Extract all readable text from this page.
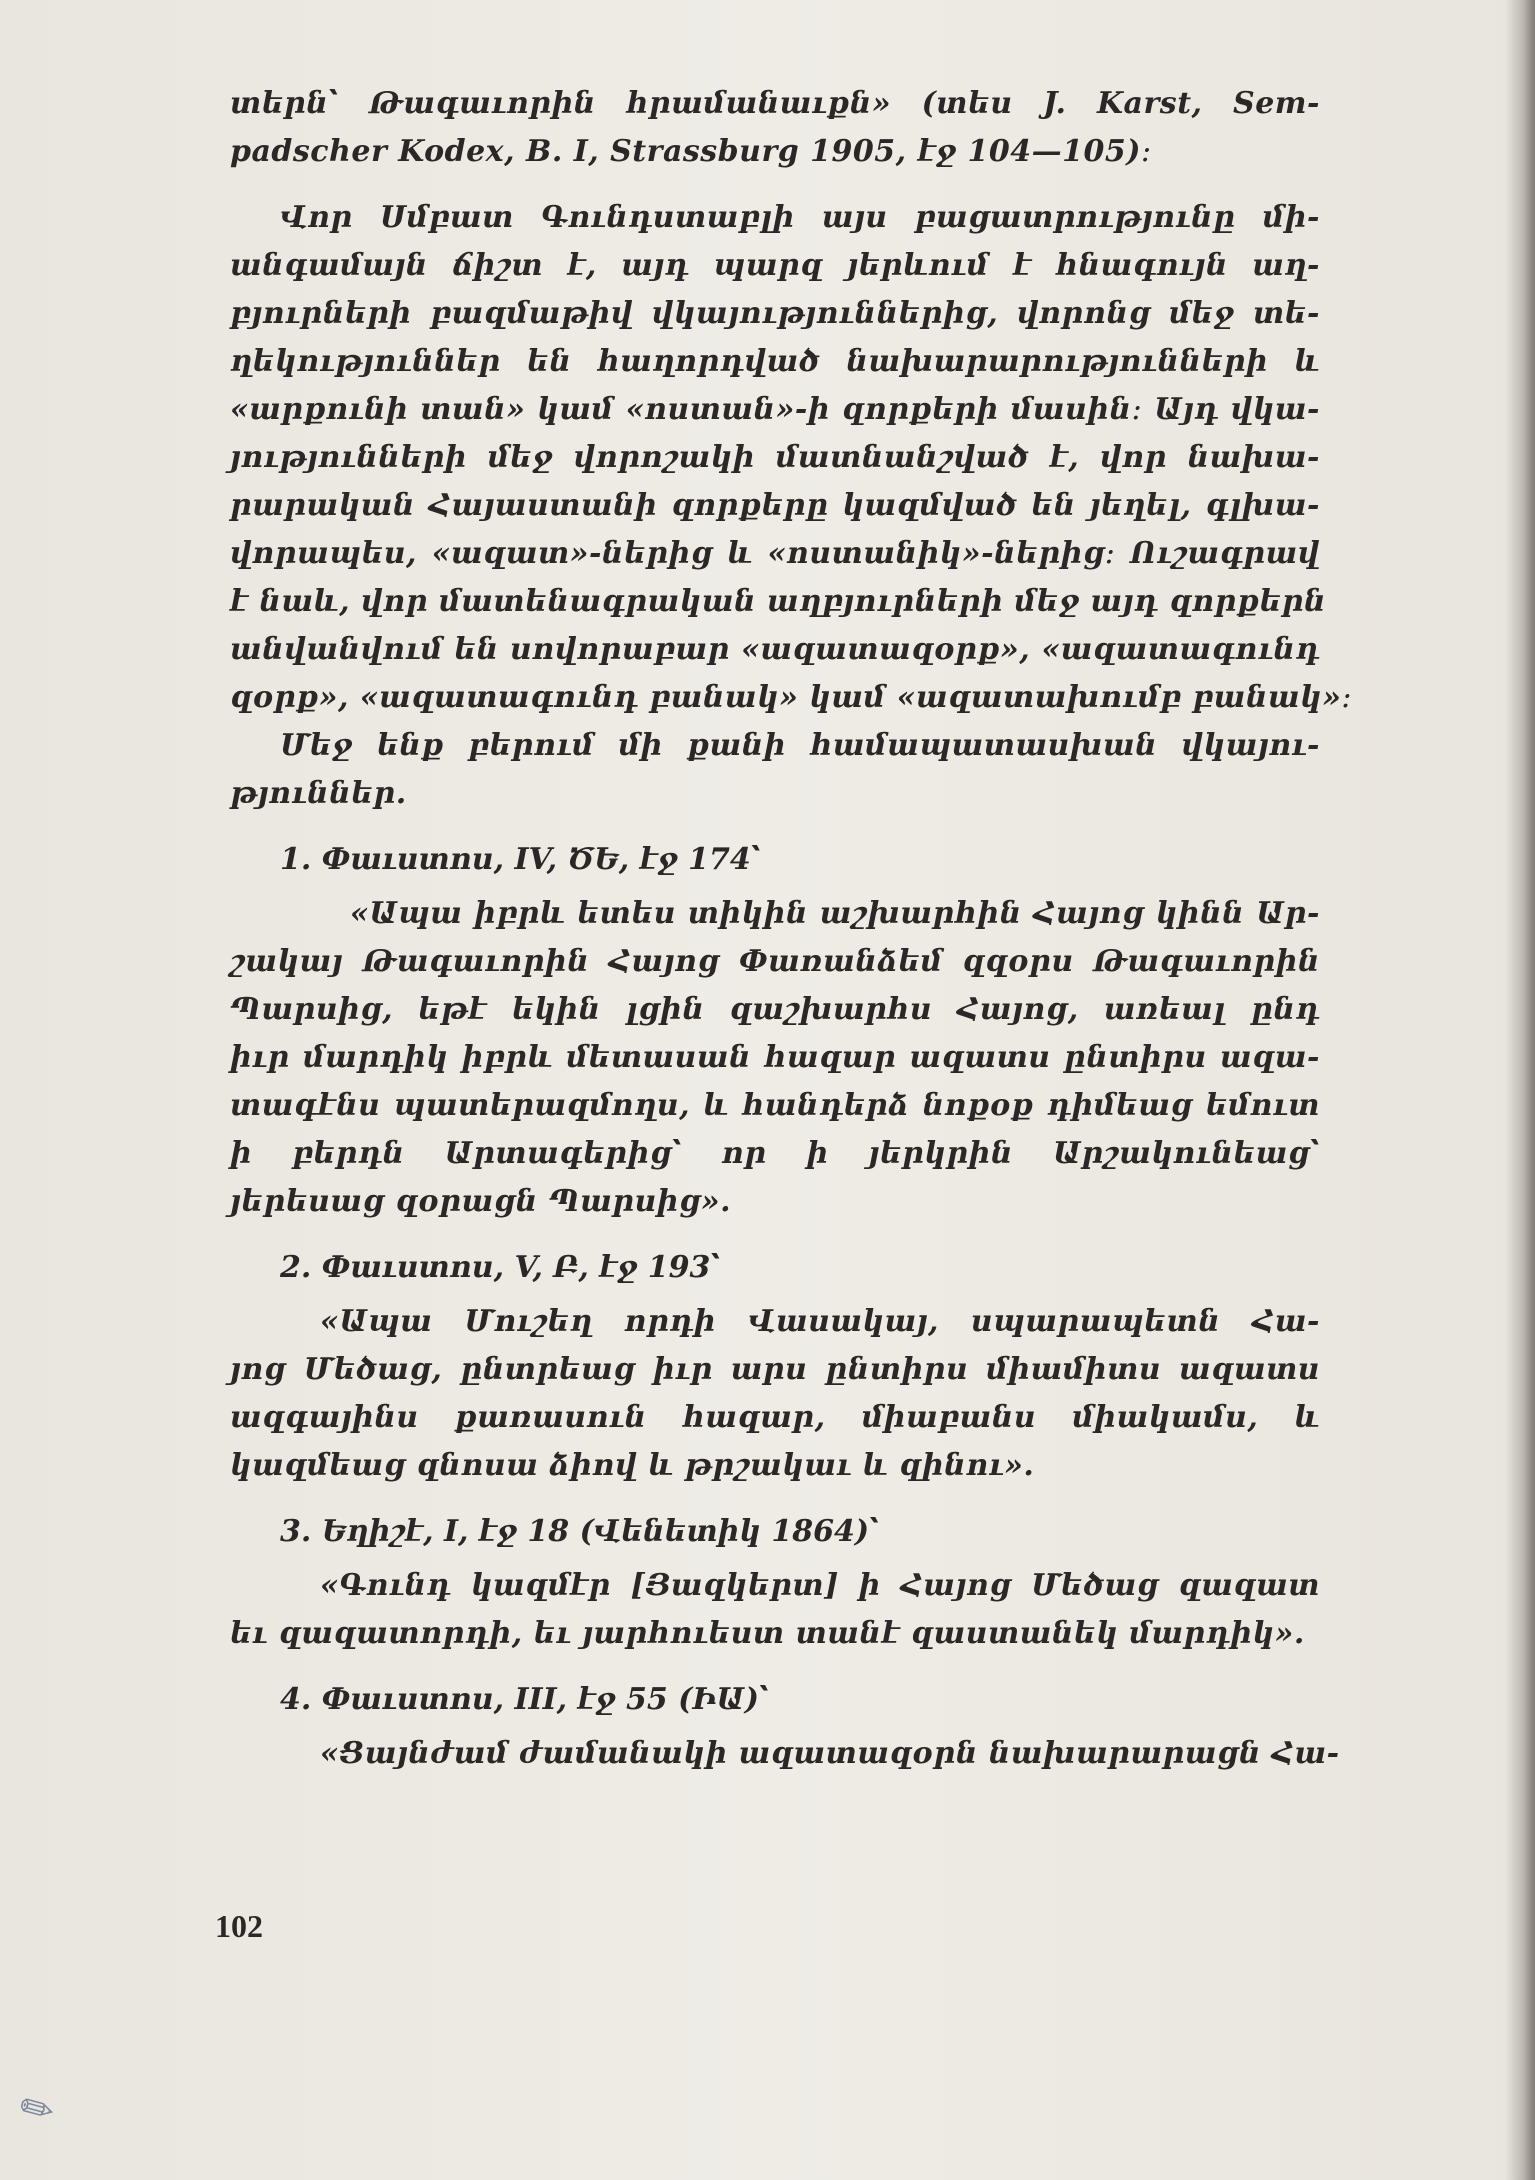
տերն՝ Թագաւորին հրամանաւքն» (տես J. Karst, Sem-
padscher Kodex, B. I, Strassburg 1905, էջ 104—105)։
Վոր Սմբատ Գունդստաբլի այս բացատրությունը մի-
անգամայն ճիշտ է, այդ պարզ յերևում է հնագույն աղ-
բյուրների բազմաթիվ վկայություններից, վորոնց մեջ տե-
ղեկություններ են հաղորդված նախարարությունների և
«արքունի տան» կամ «ոստան»-ի զորքերի մասին։ Այդ վկա-
յությունների մեջ վորոշակի մատնանշված է, վոր նախա-
րարական Հայաստանի զորքերը կազմված են յեղել, գլխա-
վորապես, «ազատ»-ներից և «ոստանիկ»-ներից։ Ուշագրավ
է նաև, վոր մատենագրական աղբյուրների մեջ այդ զորքերն
անվանվում են սովորաբար «ազատազօրք», «ազատագունդ
զօրք», «ազատագունդ բանակ» կամ «ազատախումբ բանակ»։
Մեջ ենք բերում մի քանի համապատասխան վկայու-
թյուններ․
1. Փաւստոս, IV, ԾԵ, էջ 174՝
«Ապա իբրև ետես տիկին աշխարհին Հայոց կինն Ար-
շակայ Թագաւորին Հայոց Փառանձեմ զզօրս Թագաւորին
Պարսից, եթէ եկին լցին զաշխարհս Հայոց, առեալ ընդ
իւր մարդիկ իբրև մետասան հազար ազատս ընտիրս ազա-
տագէնս պատերազմողս, և հանդերձ նոքօք դիմեաց եմուտ
ի բերդն Արտագերից՝ որ ի յերկրին Արշակունեաց՝
յերեսաց զօրացն Պարսից».
2. Փաւստոս, V, Բ, էջ 193՝
«Ապա Մուշեղ որդի Վասակայ, սպարապետն Հա-
յոց Մեծաց, ընտրեաց իւր արս ընտիրս միամիտս ազատս
ազգայինս քառասուն հազար, միաբանս միակամս, և
կազմեաց զնոսա ձիով և թրշակաւ և զինու».
3. Եղիշէ, I, էջ 18 (Վենետիկ 1864)՝
«Գունդ կազմէր [Յազկերտ] ի Հայոց Մեծաց զազատ
եւ զազատորդի, եւ յարհուեստ տանէ զաստանեկ մարդիկ».
4. Փաւստոս, III, էջ 55 (ԻԱ)՝
«Ցայնժամ ժամանակի ազատազօրն նախարարացն Հա-
102
✎
